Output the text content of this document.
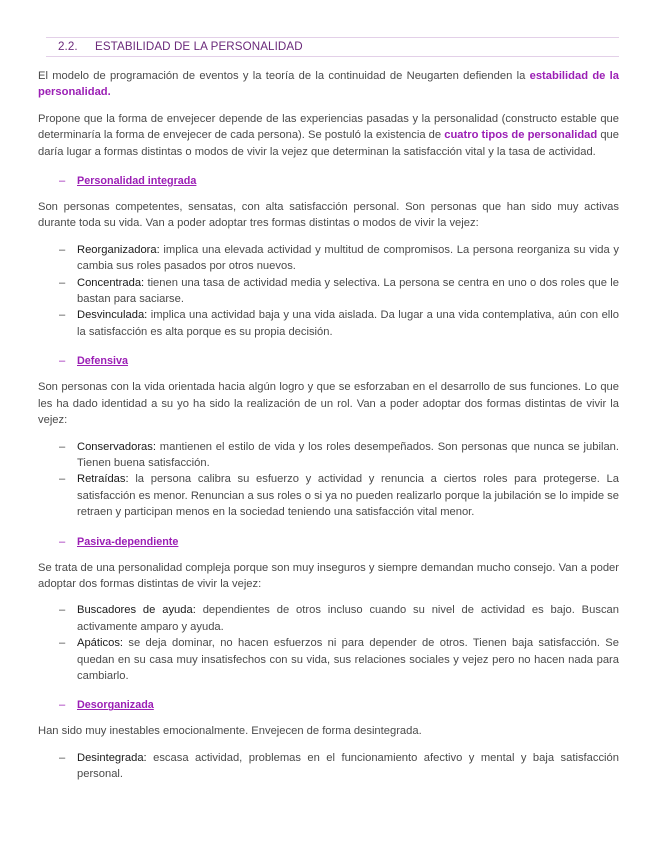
2.2. ESTABILIDAD DE LA PERSONALIDAD

El modelo de programación de eventos y la teoría de la continuidad de Neugarten defienden la estabilidad de la personalidad.

Propone que la forma de envejecer depende de las experiencias pasadas y la personalidad (constructo estable que determinaría la forma de envejecer de cada persona). Se postuló la existencia de cuatro tipos de personalidad que daría lugar a formas distintas o modos de vivir la vejez que determinan la satisfacción vital y la tasa de actividad.

– Personalidad integrada

Son personas competentes, sensatas, con alta satisfacción personal. Son personas que han sido muy activas durante toda su vida. Van a poder adoptar tres formas distintas o modos de vivir la vejez:

– Reorganizadora: implica una elevada actividad y multitud de compromisos. La persona reorganiza su vida y cambia sus roles pasados por otros nuevos.
– Concentrada: tienen una tasa de actividad media y selectiva. La persona se centra en uno o dos roles que le bastan para saciarse.
– Desvinculada: implica una actividad baja y una vida aislada. Da lugar a una vida contemplativa, aún con ello la satisfacción es alta porque es su propia decisión.
– Defensiva

Son personas con la vida orientada hacia algún logro y que se esforzaban en el desarrollo de sus funciones. Lo que les ha dado identidad a su yo ha sido la realización de un rol. Van a poder adoptar dos formas distintas de vivir la vejez:

– Conservadoras: mantienen el estilo de vida y los roles desempeñados. Son personas que nunca se jubilan. Tienen buena satisfacción.
– Retraídas: la persona calibra su esfuerzo y actividad y renuncia a ciertos roles para protegerse. La satisfacción es menor. Renuncian a sus roles o si ya no pueden realizarlo porque la jubilación se lo impide se retraen y participan menos en la sociedad teniendo una satisfacción vital menor.
– Pasiva-dependiente

Se trata de una personalidad compleja porque son muy inseguros y siempre demandan mucho consejo. Van a poder adoptar dos formas distintas de vivir la vejez:

– Buscadores de ayuda: dependientes de otros incluso cuando su nivel de actividad es bajo. Buscan activamente amparo y ayuda.
– Apáticos: se deja dominar, no hacen esfuerzos ni para depender de otros. Tienen baja satisfacción. Se quedan en su casa muy insatisfechos con su vida, sus relaciones sociales y vejez pero no hacen nada para cambiarlo.
– Desorganizada

Han sido muy inestables emocionalmente. Envejecen de forma desintegrada.

– Desintegrada: escasa actividad, problemas en el funcionamiento afectivo y mental y baja satisfacción personal.
